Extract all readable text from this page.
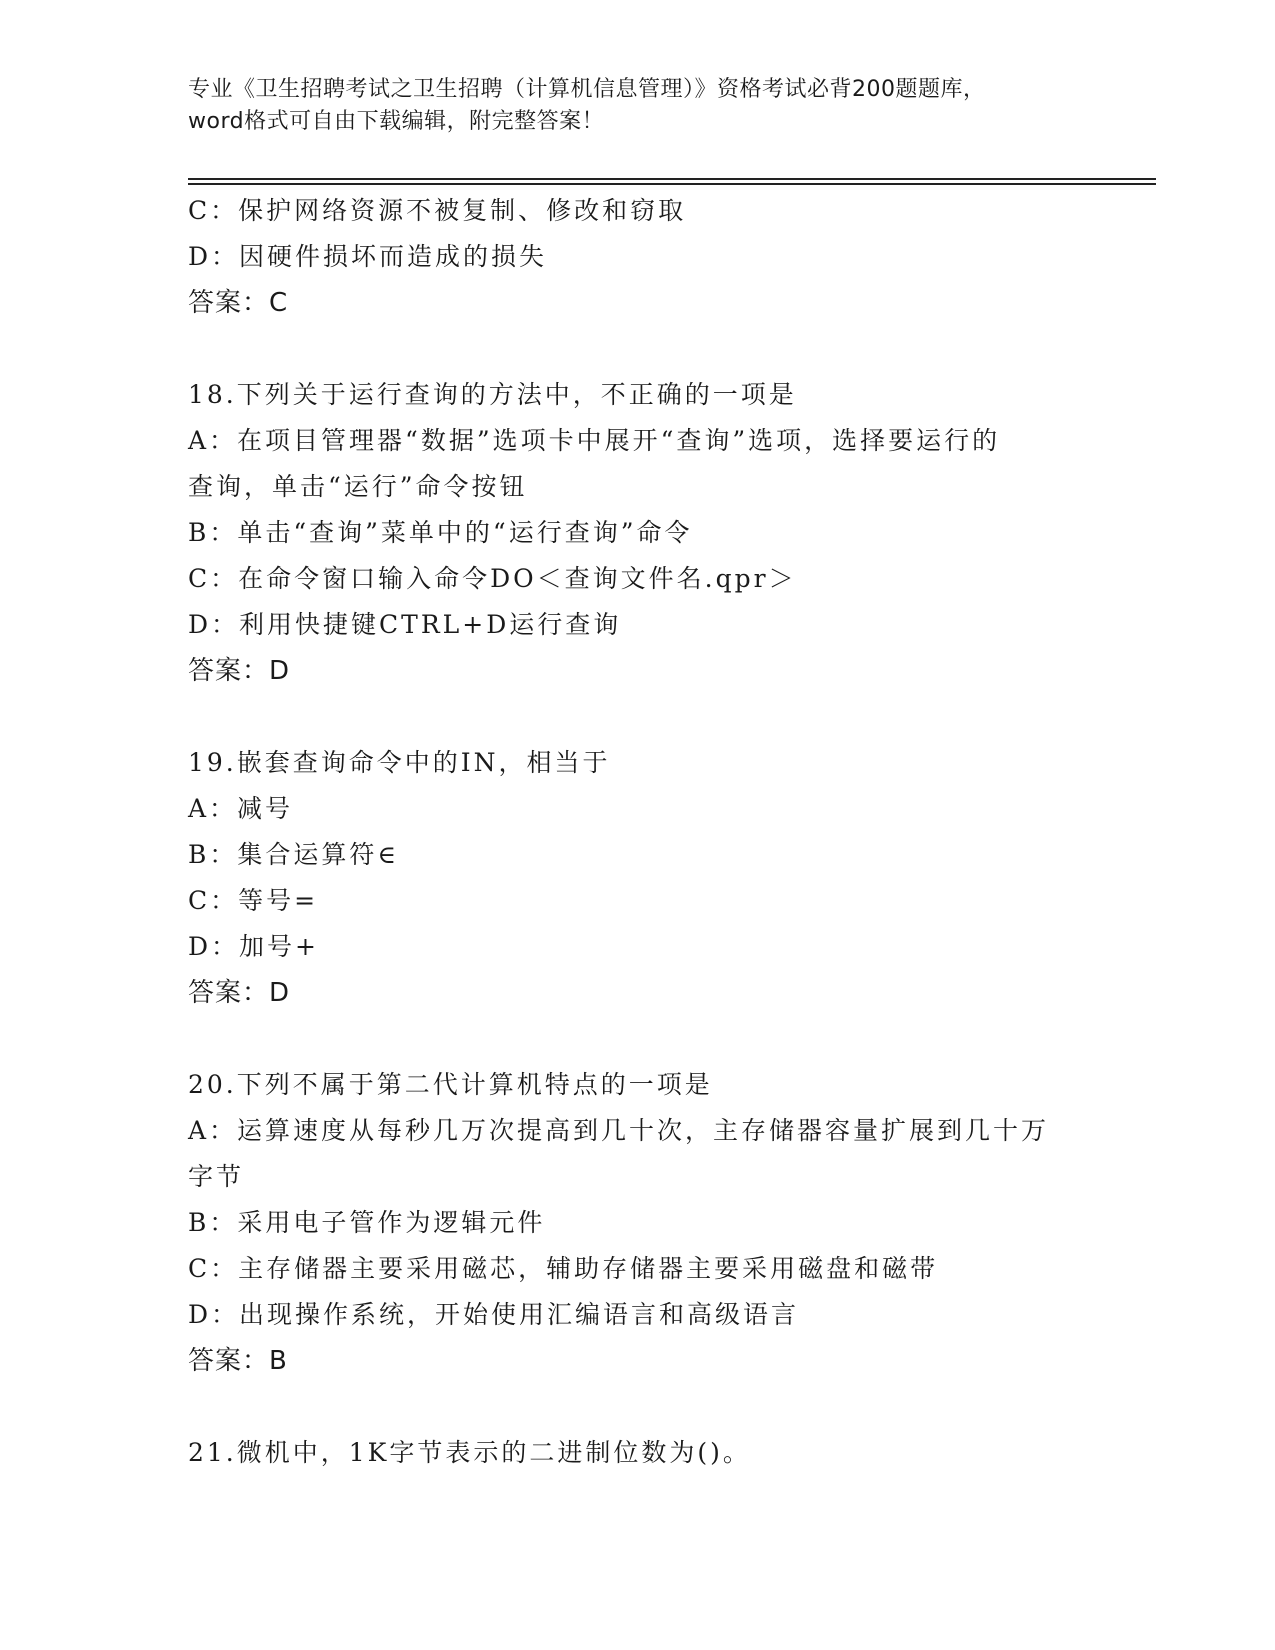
专业《卫生招聘考试之卫生招聘（计算机信息管理）》资格考试必背200题题库，
word格式可自由下载编辑，附完整答案！
C：保护网络资源不被复制、修改和窃取
D：因硬件损坏而造成的损失
答案：C
18.下列关于运行查询的方法中，不正确的一项是
A：在项目管理器“数据”选项卡中展开“查询”选项，选择要运行的
查询，单击“运行”命令按钮
B：单击“查询”菜单中的“运行查询”命令
C：在命令窗口输入命令DO＜查询文件名.qpr＞
D：利用快捷键CTRL+D运行查询
答案：D
19.嵌套查询命令中的IN，相当于
A：减号
B：集合运算符∈
C：等号=
D：加号+
答案：D
20.下列不属于第二代计算机特点的一项是
A：运算速度从每秒几万次提高到几十次，主存储器容量扩展到几十万
字节
B：采用电子管作为逻辑元件
C：主存储器主要采用磁芯，辅助存储器主要采用磁盘和磁带
D：出现操作系统，开始使用汇编语言和高级语言
答案：B
21.微机中，1K字节表示的二进制位数为()。
